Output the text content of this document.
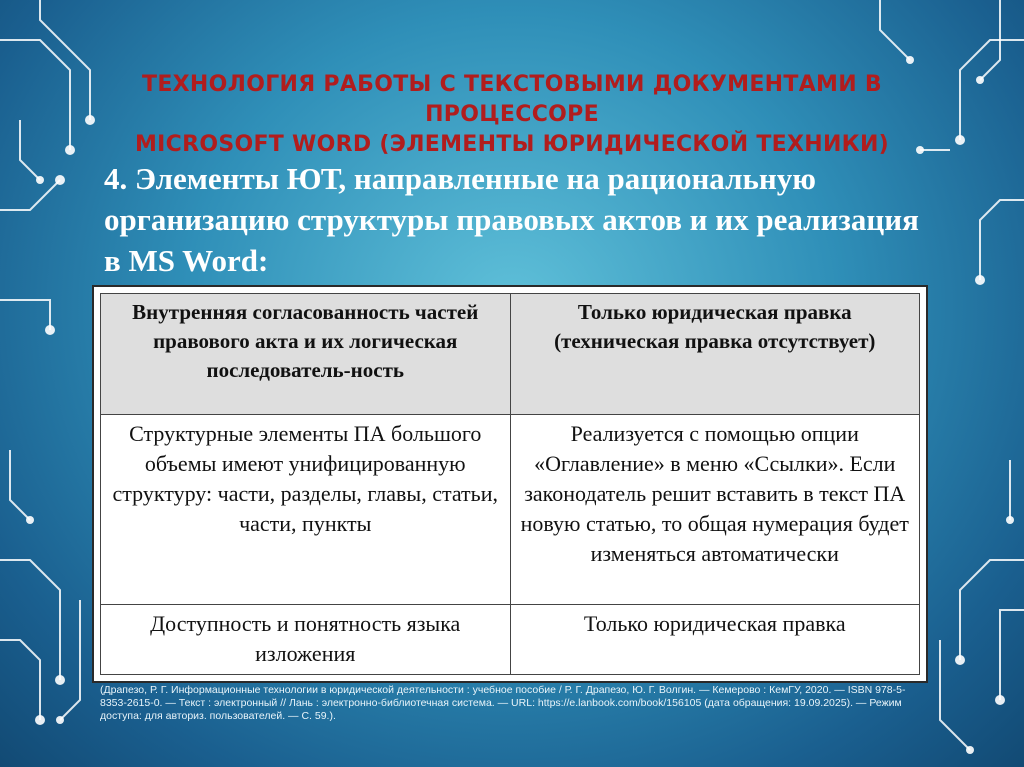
ТЕХНОЛОГИЯ РАБОТЫ С ТЕКСТОВЫМИ ДОКУМЕНТАМИ В ПРОЦЕССОРЕ
MICROSOFT WORD (ЭЛЕМЕНТЫ ЮРИДИЧЕСКОЙ ТЕХНИКИ)
4. Элементы ЮТ, направленные на рациональную организацию структуры правовых актов и их реализация в MS Word:
Внутренняя согласованность частей правового акта и их логическая последователь-ность	Только юридическая правка (техническая правка отсутствует)
Структурные элементы ПА большого объемы имеют унифицированную структуру: части, разделы, главы, статьи, части, пункты	Реализуется с помощью опции «Оглавление» в меню «Ссылки». Если законодатель решит вставить в текст ПА новую статью, то общая нумерация будет изменяться автоматически
Доступность и понятность языка изложения	Только юридическая правка
(Драпезо, Р. Г. Информационные технологии в юридической деятельности : учебное пособие / Р. Г. Драпезо, Ю. Г. Волгин. — Кемерово : КемГУ, 2020. — ISBN 978-5-8353-2615-0. — Текст : электронный // Лань : электронно-библиотечная система. — URL: https://e.lanbook.com/book/156105 (дата обращения: 19.09.2025). — Режим доступа: для авториз. пользователей. — С. 59.).
